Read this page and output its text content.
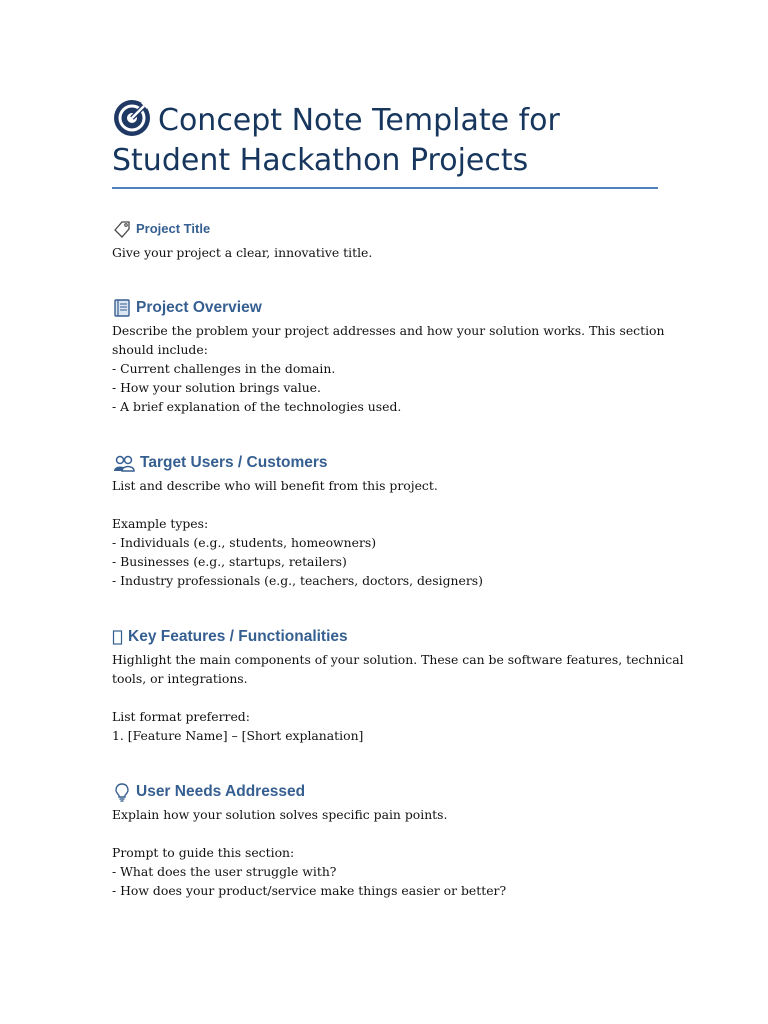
Concept Note Template for Student Hackathon Projects
Project Title
Give your project a clear, innovative title.
Project Overview
Describe the problem your project addresses and how your solution works. This section
should include:
- Current challenges in the domain.
- How your solution brings value.
- A brief explanation of the technologies used.
Target Users / Customers
List and describe who will benefit from this project.
Example types:
- Individuals (e.g., students, homeowners)
- Businesses (e.g., startups, retailers)
- Industry professionals (e.g., teachers, doctors, designers)
Key Features / Functionalities
Highlight the main components of your solution. These can be software features, technical
tools, or integrations.
List format preferred:
1. [Feature Name] – [Short explanation]
User Needs Addressed
Explain how your solution solves specific pain points.
Prompt to guide this section:
- What does the user struggle with?
- How does your product/service make things easier or better?
